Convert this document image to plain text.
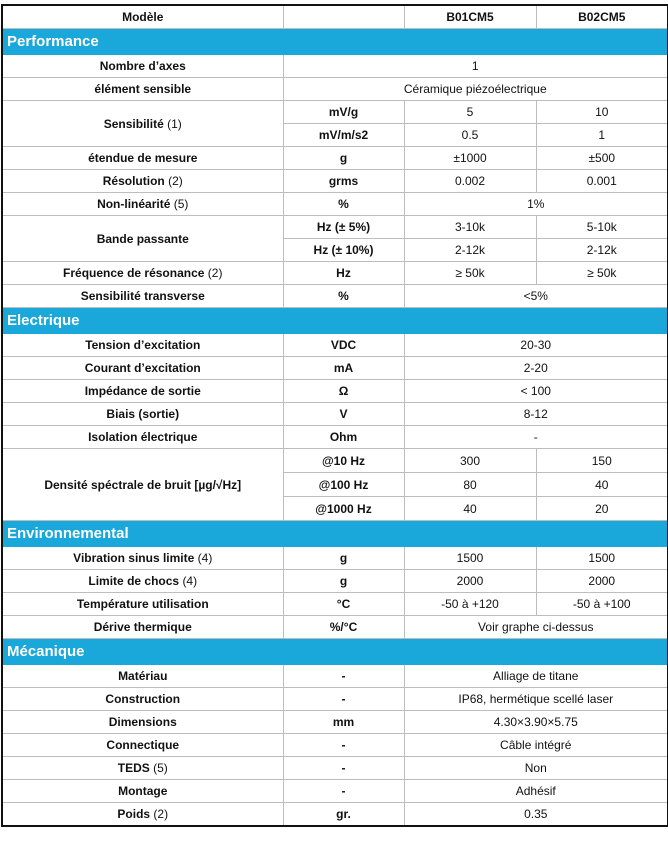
Modèle		B01CM5	B02CM5
Performance			
Nombre d’axes	1		
élément sensible	Céramique piézoélectrique		
Sensibilité (1)	mV/g	5	10
	mV/m/s2	0.5	1
étendue de mesure	g	±1000	±500
Résolution (2)	grms	0.002	0.001
Non-linéarité (5)	%	1%	
Bande passante	Hz (± 5%)	3-10k	5-10k
	Hz (± 10%)	2-12k	2-12k
Fréquence de résonance (2)	Hz	≥ 50k	≥ 50k
Sensibilité transverse	%	<5%	
Electrique			
Tension d’excitation	VDC	20-30	
Courant d’excitation	mA	2-20	
Impédance de sortie	Ω	< 100	
Biais (sortie)	V	8-12	
Isolation électrique	Ohm	-	
Densité spéctrale de bruit [µg/√Hz]	@10 Hz	300	150
	@100 Hz	80	40
	@1000 Hz	40	20
Environnemental			
Vibration sinus limite (4)	g	1500	1500
Limite de chocs (4)	g	2000	2000
Température utilisation	°C	-50 à +120	-50 à +100
Dérive thermique	%/°C	Voir graphe ci-dessus	
Mécanique			
Matériau	-	Alliage de titane	
Construction	-	IP68, hermétique scellé laser	
Dimensions	mm	4.30×3.90×5.75	
Connectique	-	Câble intégré	
TEDS (5)	-	Non	
Montage	-	Adhésif	
Poids (2)	gr.	0.35	
